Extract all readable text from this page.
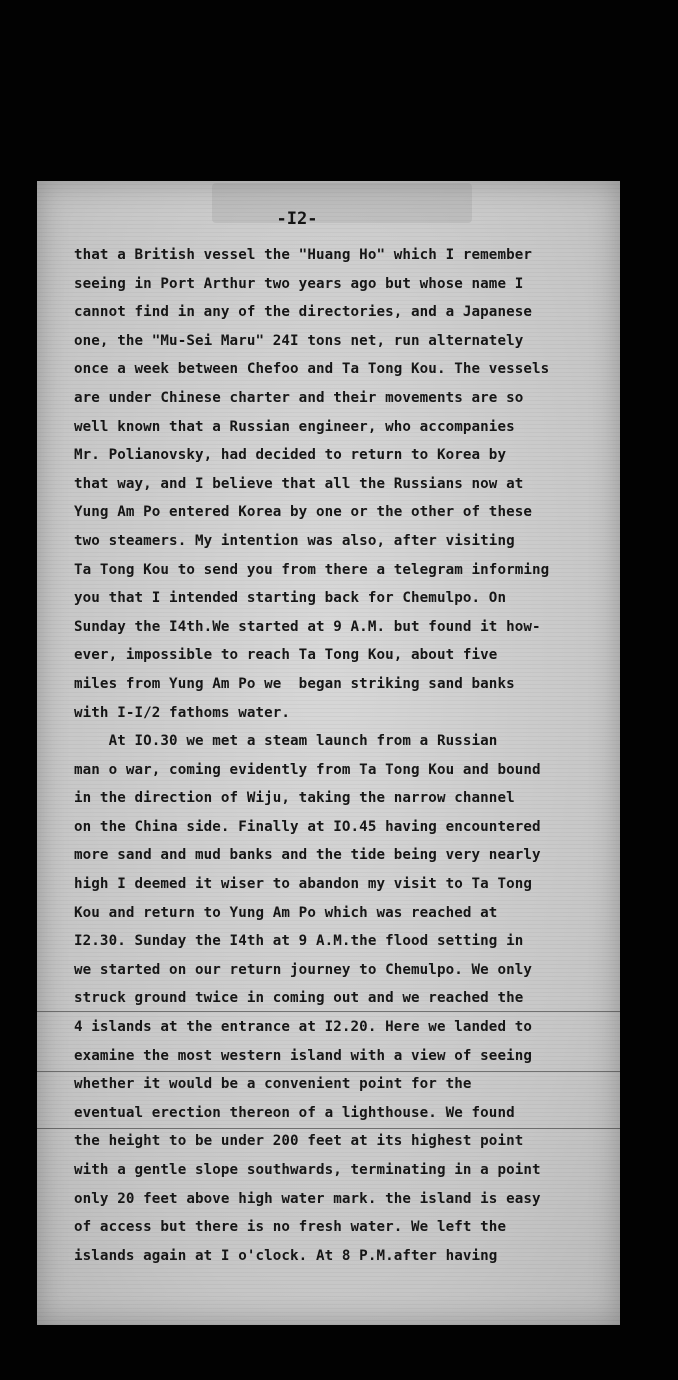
-I2-
that a British vessel the "Huang Ho" which I remember
seeing in Port Arthur two years ago but whose name I
cannot find in any of the directories, and a Japanese
one, the "Mu-Sei Maru" 24I tons net, run alternately
once a week between Chefoo and Ta Tong Kou. The vessels
are under Chinese charter and their movements are so
well known that a Russian engineer, who accompanies
Mr. Polianovsky, had decided to return to Korea by
that way, and I believe that all the Russians now at
Yung Am Po entered Korea by one or the other of these
two steamers. My intention was also, after visiting
Ta Tong Kou to send you from there a telegram informing
you that I intended starting back for Chemulpo. On
Sunday the I4th.We started at 9 A.M. but found it how-
ever, impossible to reach Ta Tong Kou, about five
miles from Yung Am Po we  began striking sand banks
with I-I/2 fathoms water.
At IO.30 we met a steam launch from a Russian
man o war, coming evidently from Ta Tong Kou and bound
in the direction of Wiju, taking the narrow channel
on the China side. Finally at IO.45 having encountered
more sand and mud banks and the tide being very nearly
high I deemed it wiser to abandon my visit to Ta Tong
Kou and return to Yung Am Po which was reached at
I2.30. Sunday the I4th at 9 A.M.the flood setting in
we started on our return journey to Chemulpo. We only
struck ground twice in coming out and we reached the
4 islands at the entrance at I2.20. Here we landed to
examine the most western island with a view of seeing
whether it would be a convenient point for the
eventual erection thereon of a lighthouse. We found
the height to be under 200 feet at its highest point
with a gentle slope southwards, terminating in a point
only 20 feet above high water mark. the island is easy
of access but there is no fresh water. We left the
islands again at I o'clock. At 8 P.M.after having
